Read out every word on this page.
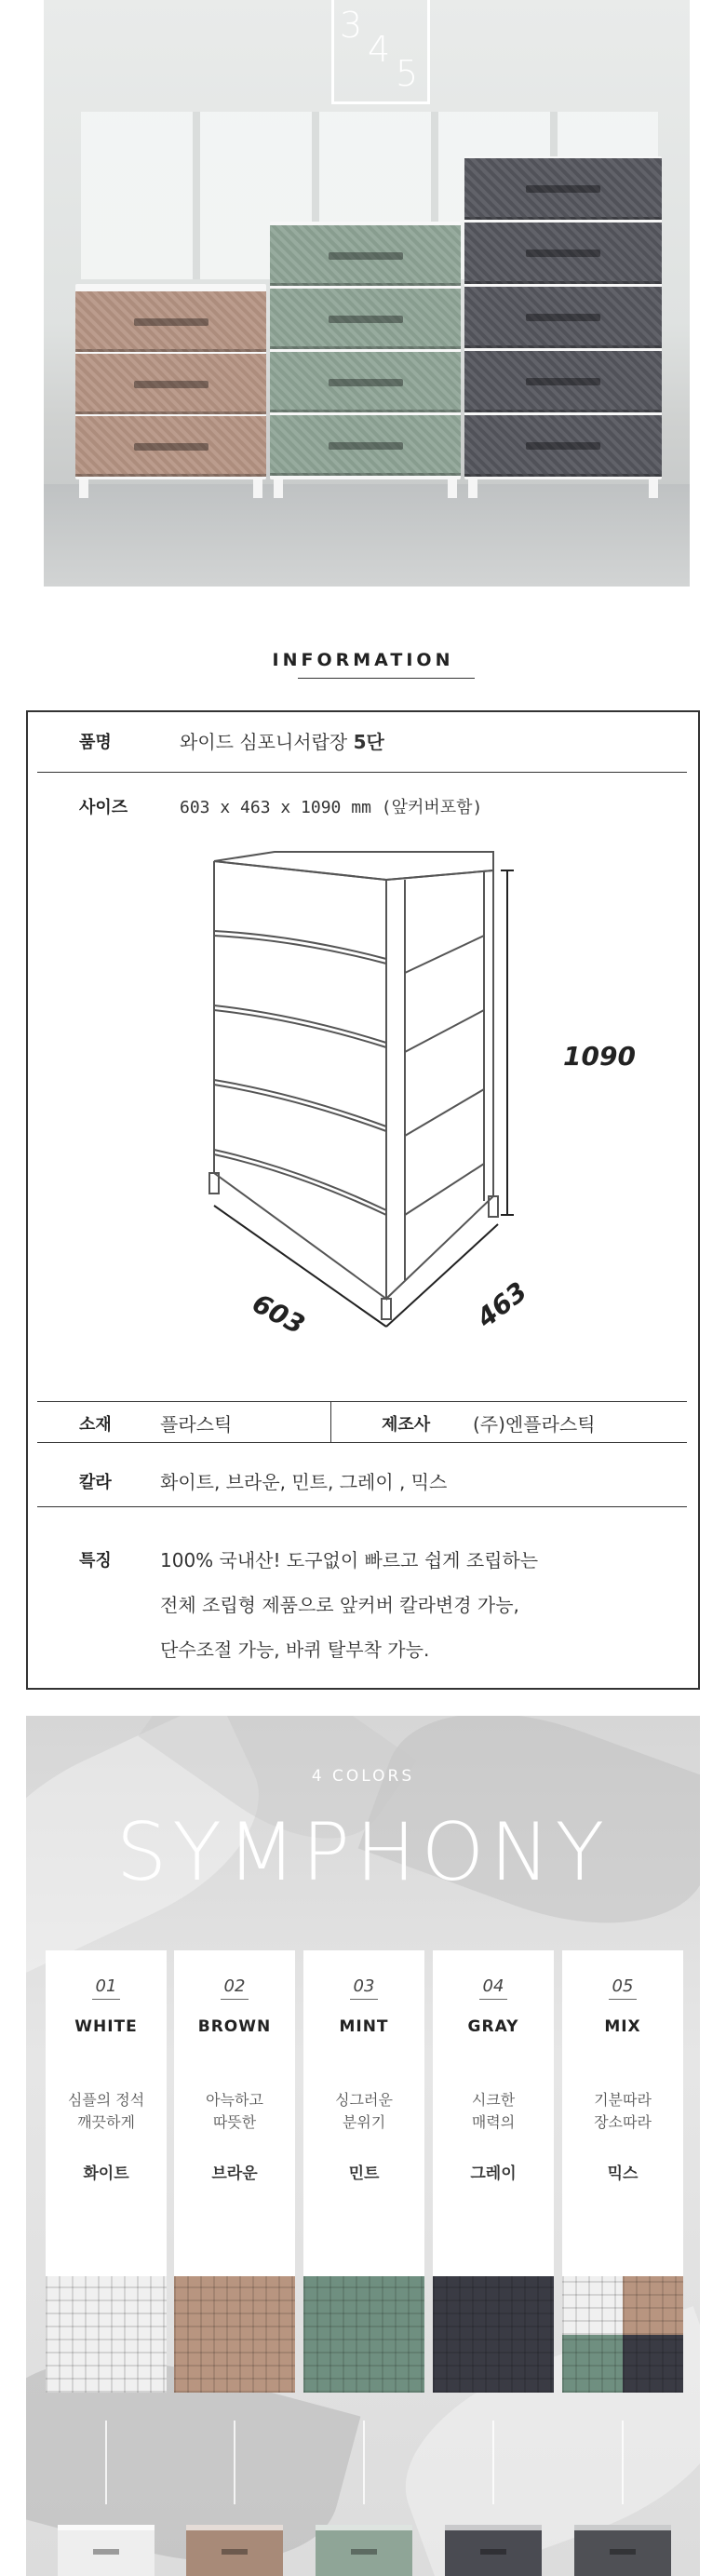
3
4
5
INFORMATION
품명	와이드 심포니서랍장 5단
사이즈	603 x 463 x 1090 mm (앞커버포함)
1090
603	463
소재	플라스틱	제조사 (주)엔플라스틱
칼라	화이트, 브라운, 민트, 그레이 , 믹스
특징	100% 국내산! 도구없이 빠르고 쉽게 조립하는
전체 조립형 제품으로 앞커버 칼라변경 가능,
단수조절 가능, 바퀴 탈부착 가능.
4 COLORS
SYMPHONY
01
WHITE
심플의 정석
깨끗하게
화이트
02
BROWN
아늑하고
따뜻한
브라운
03
MINT
싱그러운
분위기
민트
04
GRAY
시크한
매력의
그레이
05
MIX
기분따라
장소따라
믹스
